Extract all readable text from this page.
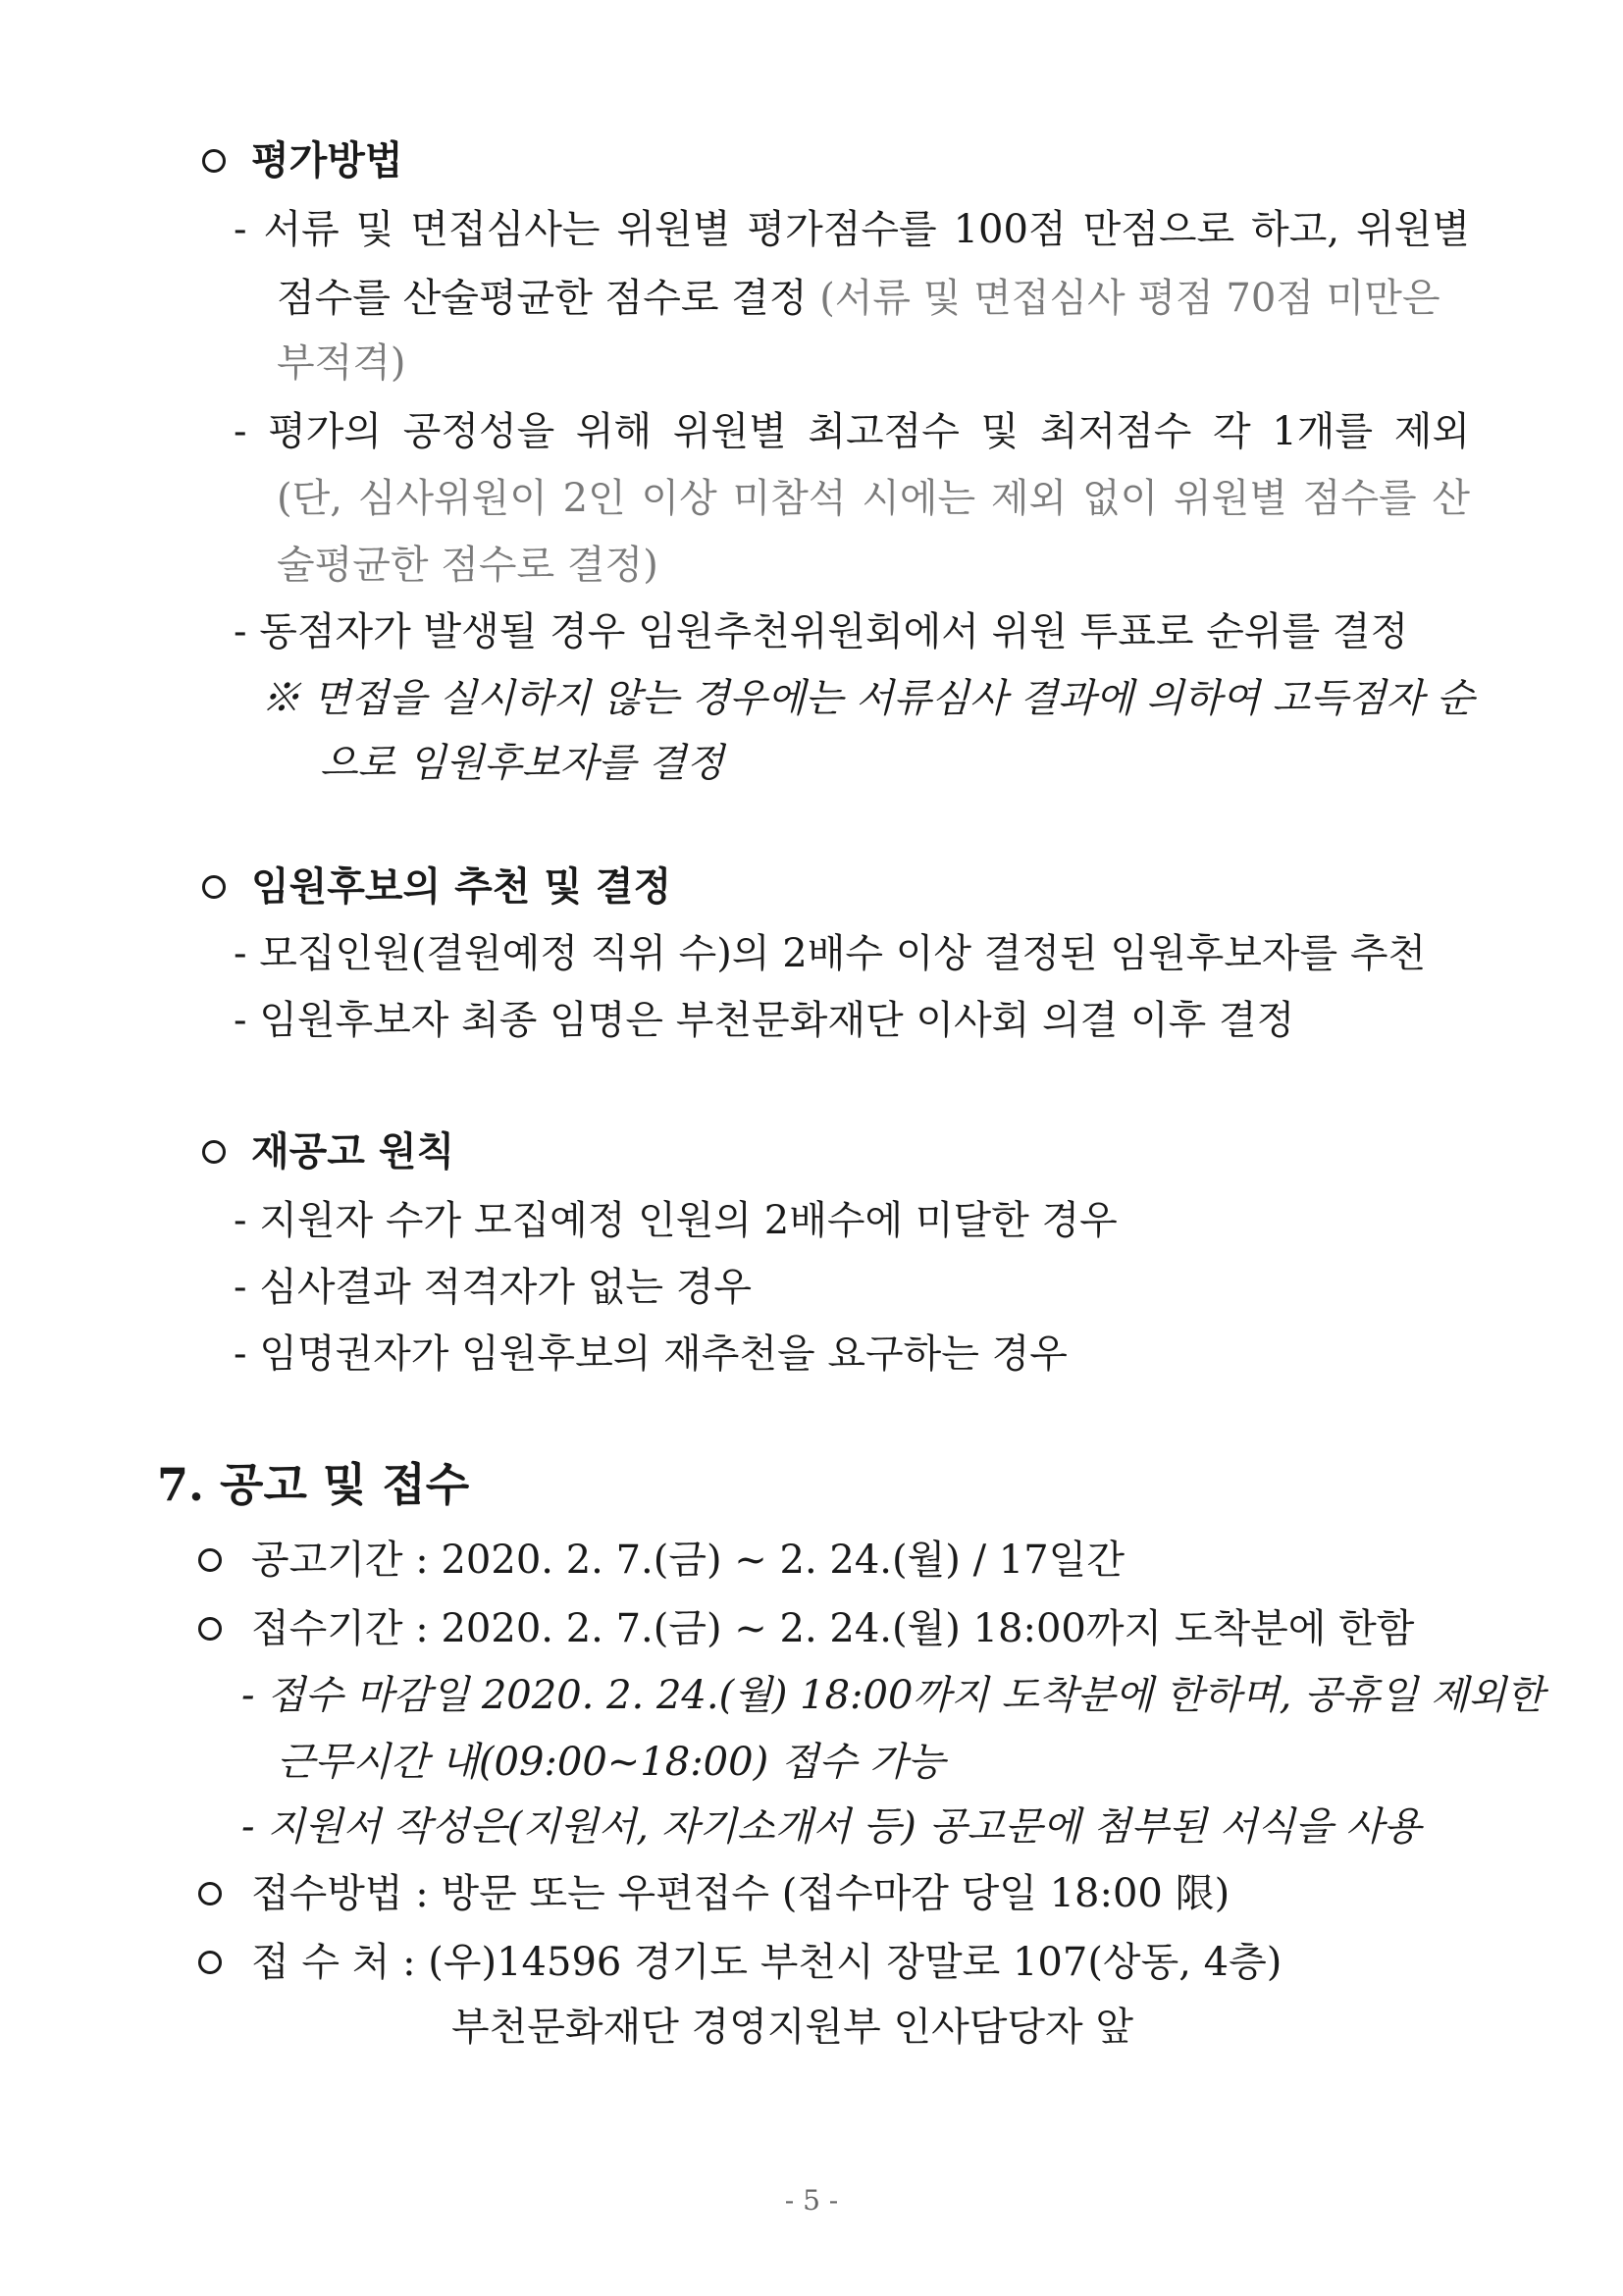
평가방법
- 서류 및 면접심사는 위원별 평가점수를 100점 만점으로 하고, 위원별
점수를 산술평균한 점수로 결정 (서류 및 면접심사 평점 70점 미만은
부적격)
- 평가의 공정성을 위해 위원별 최고점수 및 최저점수 각 1개를 제외
(단, 심사위원이 2인 이상 미참석 시에는 제외 없이 위원별 점수를 산
술평균한 점수로 결정)
- 동점자가 발생될 경우 임원추천위원회에서 위원 투표로 순위를 결정
※ 면접을 실시하지 않는 경우에는 서류심사 결과에 의하여 고득점자 순
으로 임원후보자를 결정
임원후보의 추천 및 결정
- 모집인원(결원예정 직위 수)의 2배수 이상 결정된 임원후보자를 추천
- 임원후보자 최종 임명은 부천문화재단 이사회 의결 이후 결정
재공고 원칙
- 지원자 수가 모집예정 인원의 2배수에 미달한 경우
- 심사결과 적격자가 없는 경우
- 임명권자가 임원후보의 재추천을 요구하는 경우
7. 공고 및 접수
공고기간 : 2020. 2. 7.(금) ~ 2. 24.(월) / 17일간
접수기간 : 2020. 2. 7.(금) ~ 2. 24.(월) 18:00까지 도착분에 한함
- 접수 마감일 2020. 2. 24.(월) 18:00까지 도착분에 한하며, 공휴일 제외한
근무시간 내(09:00~18:00) 접수 가능
- 지원서 작성은(지원서, 자기소개서 등) 공고문에 첨부된 서식을 사용
접수방법 : 방문 또는 우편접수 (접수마감 당일 18:00 限)
접 수 처 : (우)14596 경기도 부천시 장말로 107(상동, 4층)
부천문화재단 경영지원부 인사담당자 앞
- 5 -
